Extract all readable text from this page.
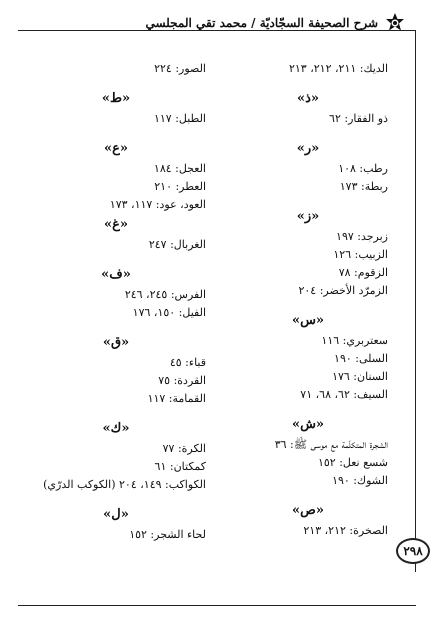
شرح الصحيفة السجّاديّة / محمد تقي المجلسي
٢٩٨
الديك: ٢١١، ٢١٢، ٢١٣
«ذ»
ذو الفقار: ٦٢
«ر»
رطب: ١٠٨
ربطة: ١٧٣
«ز»
زبرجد: ١٩٧
الزبيب: ١٢٦
الزقوم: ٧٨
الزمرّد الأخضر: ٢٠٤
«س»
سعتربري: ١١٦
السلى: ١٩٠
السنان: ١٧٦
السيف: ٦٢، ٦٨، ٧١
«ش»
الشجرة المتكلّمة مع موسى ﷺ: ٣٦
شسع نعل: ١٥٢
الشوك: ١٩٠
«ص»
الصخرة: ٢١٢، ٢١٣
الصور: ٢٢٤
«ط»
الطبل: ١١٧
«ع»
العجل: ١٨٤
العطر: ٢١٠
العود، عود: ١١٧، ١٧٣
«غ»
الغربال: ٢٤٧
«ف»
الفرس: ٢٤٥، ٢٤٦
الفيل: ١٥٠، ١٧٦
«ق»
قباء: ٤٥
القردة: ٧٥
القمامة: ١١٧
«ك»
الكرة: ٧٧
كمكتان: ٦١
الكواكب: ١٤٩، ٢٠٤ (الكوكب الدرّي)
«ل»
لحاء الشجر: ١٥٢
